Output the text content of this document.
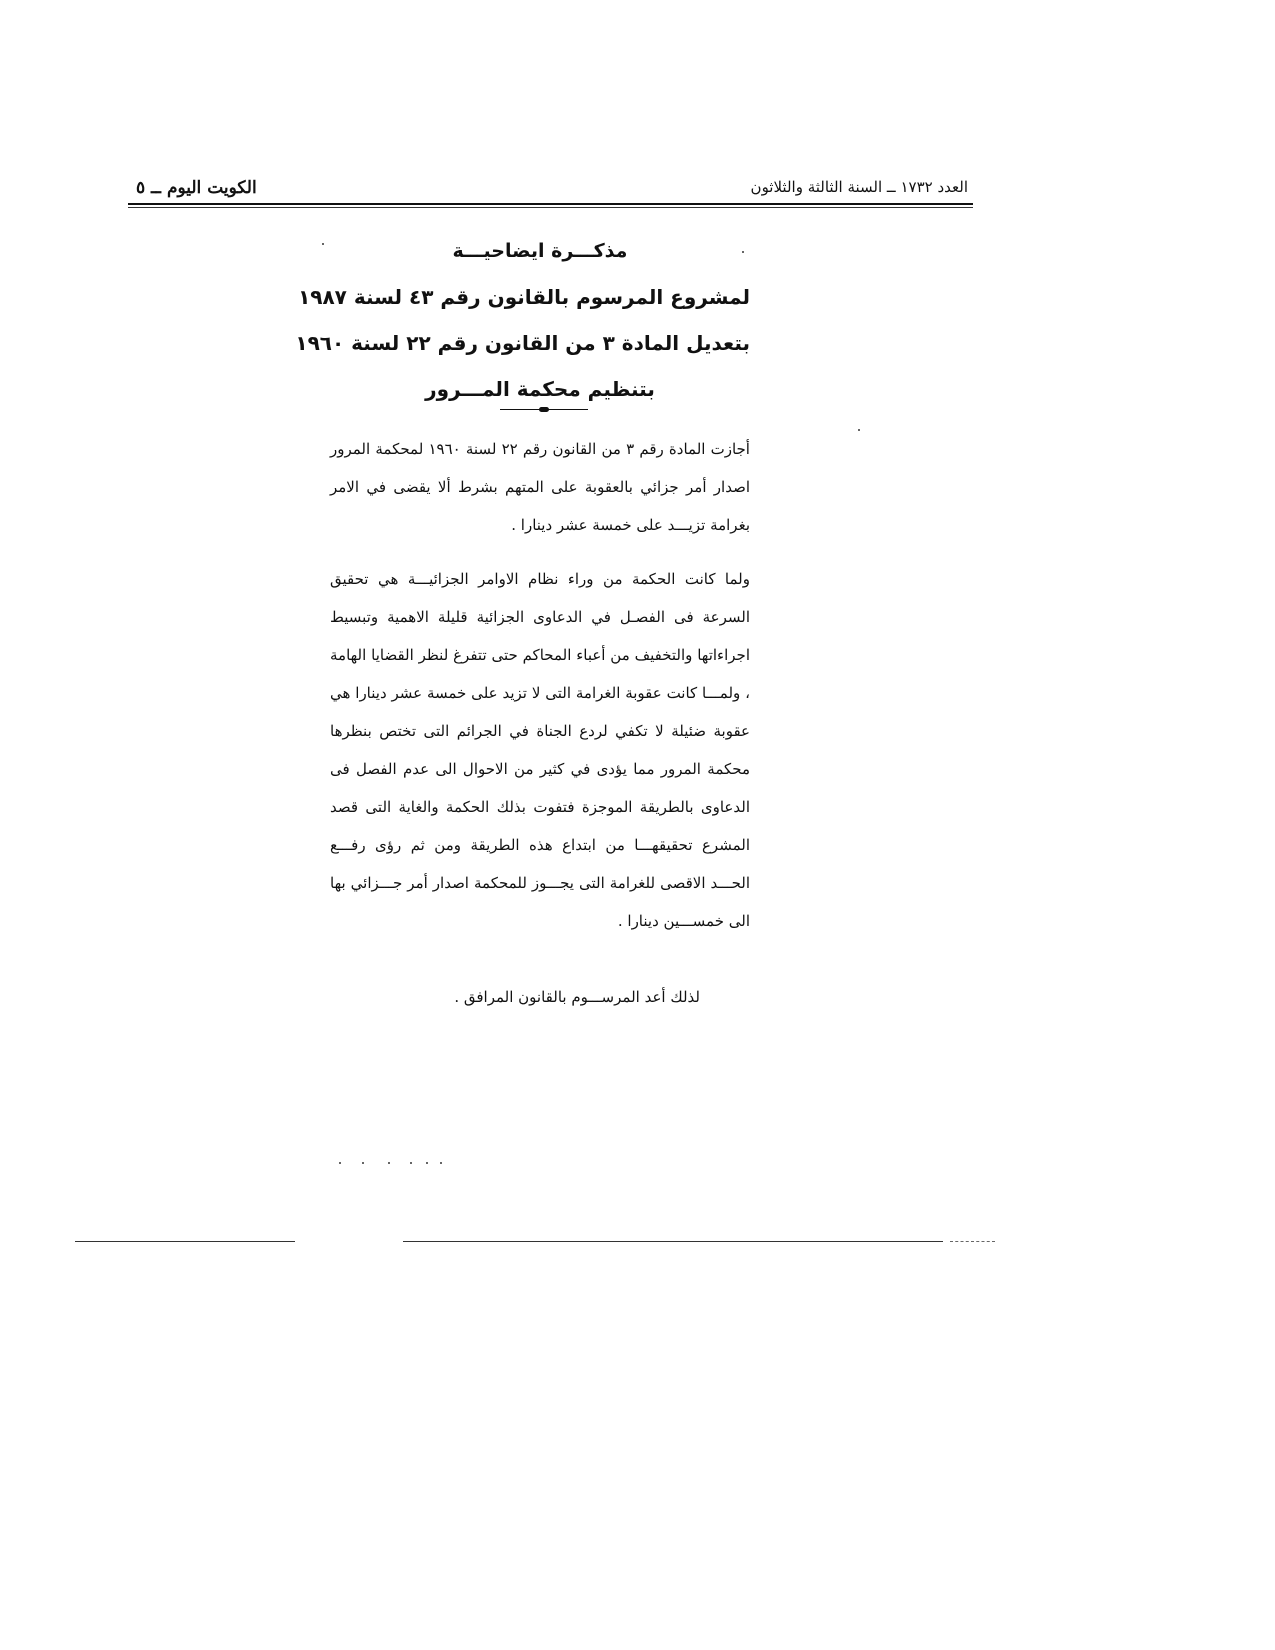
الكويت اليوم ــ ٥	العدد ١٧٣٢ ــ السنة الثالثة والثلاثون
مذكـــرة ايضاحيـــة
لمشروع المرسوم بالقانون رقم ٤٣ لسنة ١٩٨٧
بتعديل المادة ٣ من القانون رقم ٢٢ لسنة ١٩٦٠
بتنظيم محكمة المـــرور
أجازت المادة رقم ٣ من القانون رقم ٢٢ لسنة ١٩٦٠ لمحكمة المرور اصدار أمر جزائي بالعقوبة على المتهم بشرط ألا يقضى في الامر بغرامة تزيـــد على خمسة عشر دينارا .
ولما كانت الحكمة من وراء نظام الاوامر الجزائيـــة هي تحقيق السرعة فى الفصـل في الدعاوى الجزائية قليلة الاهمية وتبسيط اجراءاتها والتخفيف من أعباء المحاكم حتى تتفرغ لنظر القضايا الهامة ، ولمـــا كانت عقوبة الغرامة التى لا تزيد على خمسة عشر دينارا هي عقوبة ضئيلة لا تكفي لردع الجناة في الجرائم التى تختص بنظرها محكمة المرور مما يؤدى في كثير من الاحوال الى عدم الفصل فى الدعاوى بالطريقة الموجزة فتفوت بذلك الحكمة والغاية التى قصد المشرع تحقيقهـــا من ابتداع هذه الطريقة ومن ثم رؤى رفـــع الحـــد الاقصى للغرامة التى يجـــوز للمحكمة اصدار أمر جـــزائي بها الى خمســـين دينارا .
لذلك أعد المرســـوم بالقانون المرافق .
